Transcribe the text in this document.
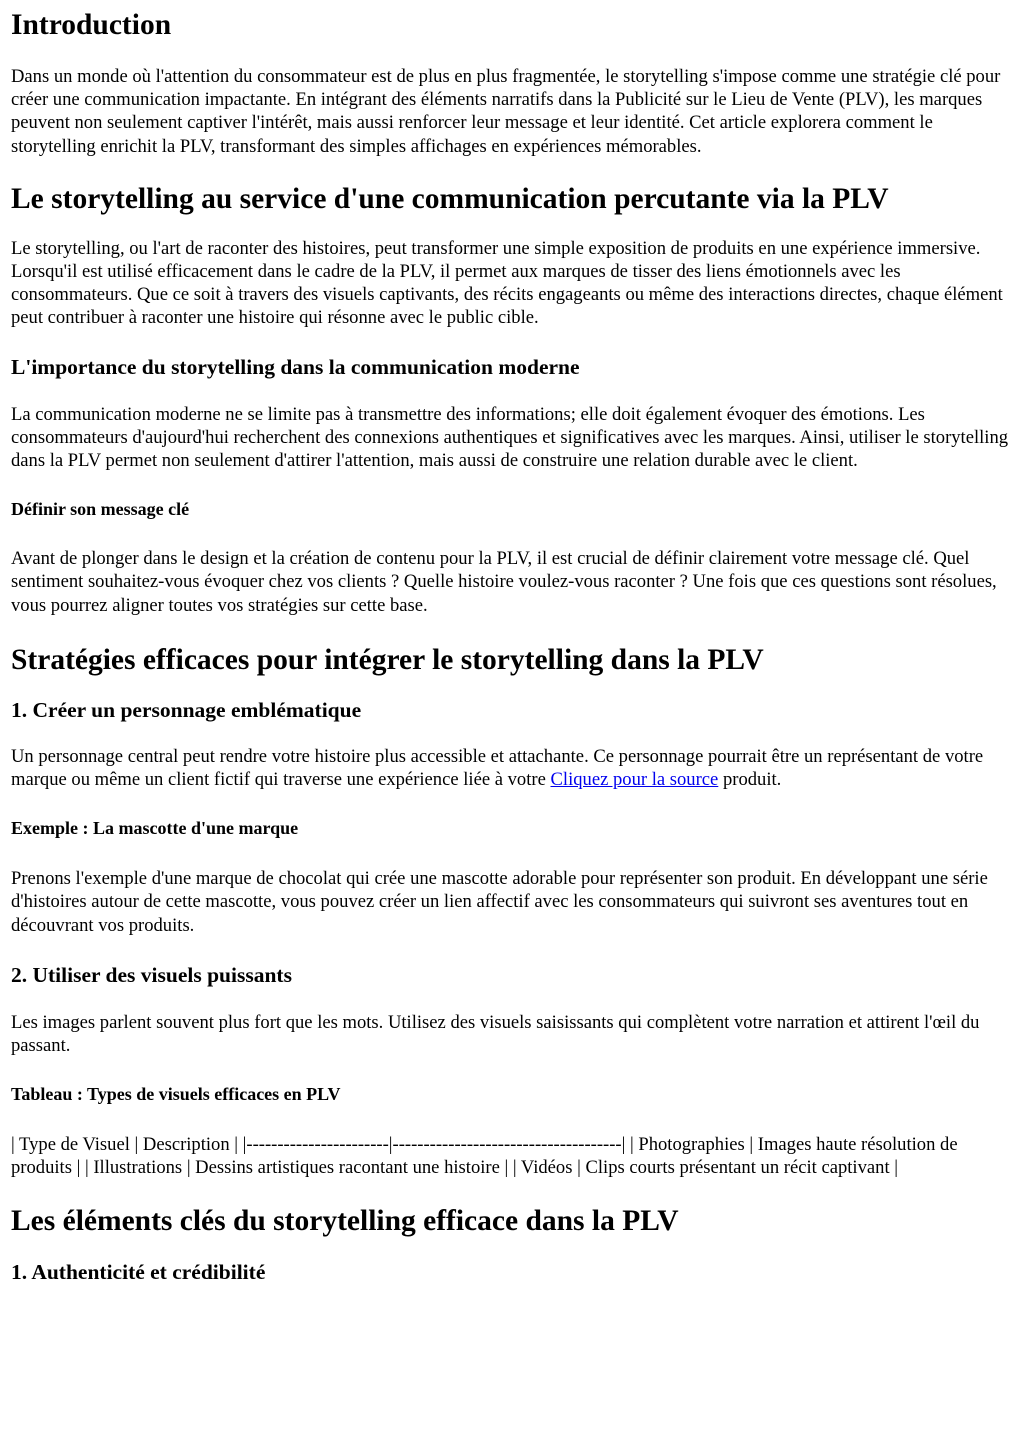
Introduction

Dans un monde où l'attention du consommateur est de plus en plus fragmentée, le storytelling s'impose comme une stratégie clé pour créer une communication impactante. En intégrant des éléments narratifs dans la Publicité sur le Lieu de Vente (PLV), les marques peuvent non seulement captiver l'intérêt, mais aussi renforcer leur message et leur identité. Cet article explorera comment le storytelling enrichit la PLV, transformant des simples affichages en expériences mémorables.

Le storytelling au service d'une communication percutante via la PLV

Le storytelling, ou l'art de raconter des histoires, peut transformer une simple exposition de produits en une expérience immersive. Lorsqu'il est utilisé efficacement dans le cadre de la PLV, il permet aux marques de tisser des liens émotionnels avec les consommateurs. Que ce soit à travers des visuels captivants, des récits engageants ou même des interactions directes, chaque élément peut contribuer à raconter une histoire qui résonne avec le public cible.

L'importance du storytelling dans la communication moderne

La communication moderne ne se limite pas à transmettre des informations; elle doit également évoquer des émotions. Les consommateurs d'aujourd'hui recherchent des connexions authentiques et significatives avec les marques. Ainsi, utiliser le storytelling dans la PLV permet non seulement d'attirer l'attention, mais aussi de construire une relation durable avec le client.

Définir son message clé

Avant de plonger dans le design et la création de contenu pour la PLV, il est crucial de définir clairement votre message clé. Quel sentiment souhaitez-vous évoquer chez vos clients ? Quelle histoire voulez-vous raconter ? Une fois que ces questions sont résolues, vous pourrez aligner toutes vos stratégies sur cette base.

Stratégies efficaces pour intégrer le storytelling dans la PLV
1. Créer un personnage emblématique

Un personnage central peut rendre votre histoire plus accessible et attachante. Ce personnage pourrait être un représentant de votre marque ou même un client fictif qui traverse une expérience liée à votre Cliquez pour la source produit.

Exemple : La mascotte d'une marque

Prenons l'exemple d'une marque de chocolat qui crée une mascotte adorable pour représenter son produit. En développant une série d'histoires autour de cette mascotte, vous pouvez créer un lien affectif avec les consommateurs qui suivront ses aventures tout en découvrant vos produits.

2. Utiliser des visuels puissants

Les images parlent souvent plus fort que les mots. Utilisez des visuels saisissants qui complètent votre narration et attirent l'œil du passant.

Tableau : Types de visuels efficaces en PLV

| Type de Visuel | Description | |-----------------------|-------------------------------------| | Photographies | Images haute résolution de produits | | Illustrations | Dessins artistiques racontant une histoire | | Vidéos | Clips courts présentant un récit captivant |

Les éléments clés du storytelling efficace dans la PLV
1. Authenticité et crédibilité
